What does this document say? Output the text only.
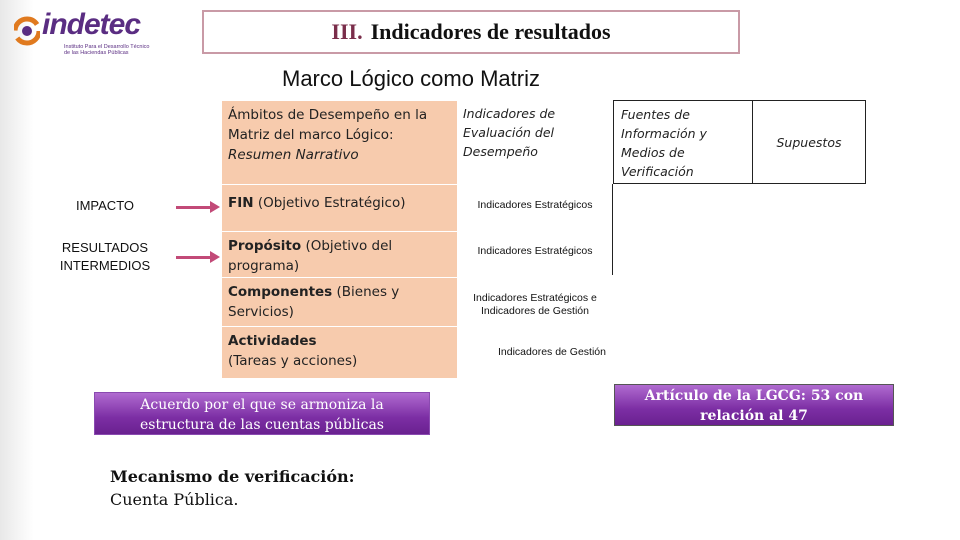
indetec
Instituto Para el Desarrollo Técnico
de las Haciendas Públicas
III. Indicadores de resultados
Marco Lógico como Matriz
Ámbitos de Desempeño en la Matriz del marco Lógico:
Resumen Narrativo
FIN (Objetivo Estratégico)
Propósito (Objetivo del programa)
Componentes (Bienes y Servicios)
Actividades
(Tareas y acciones)
Indicadores de Evaluación del Desempeño
Fuentes de Información y Medios de Verificación
Supuestos
Indicadores Estratégicos
Indicadores Estratégicos
Indicadores Estratégicos e Indicadores de Gestión
Indicadores de Gestión
IMPACTO
RESULTADOS
INTERMEDIOS
Acuerdo por el que se armoniza la
estructura de las cuentas públicas
Artículo de la LGCG: 53 con
relación al 47
Mecanismo de verificación:
Cuenta Pública.
